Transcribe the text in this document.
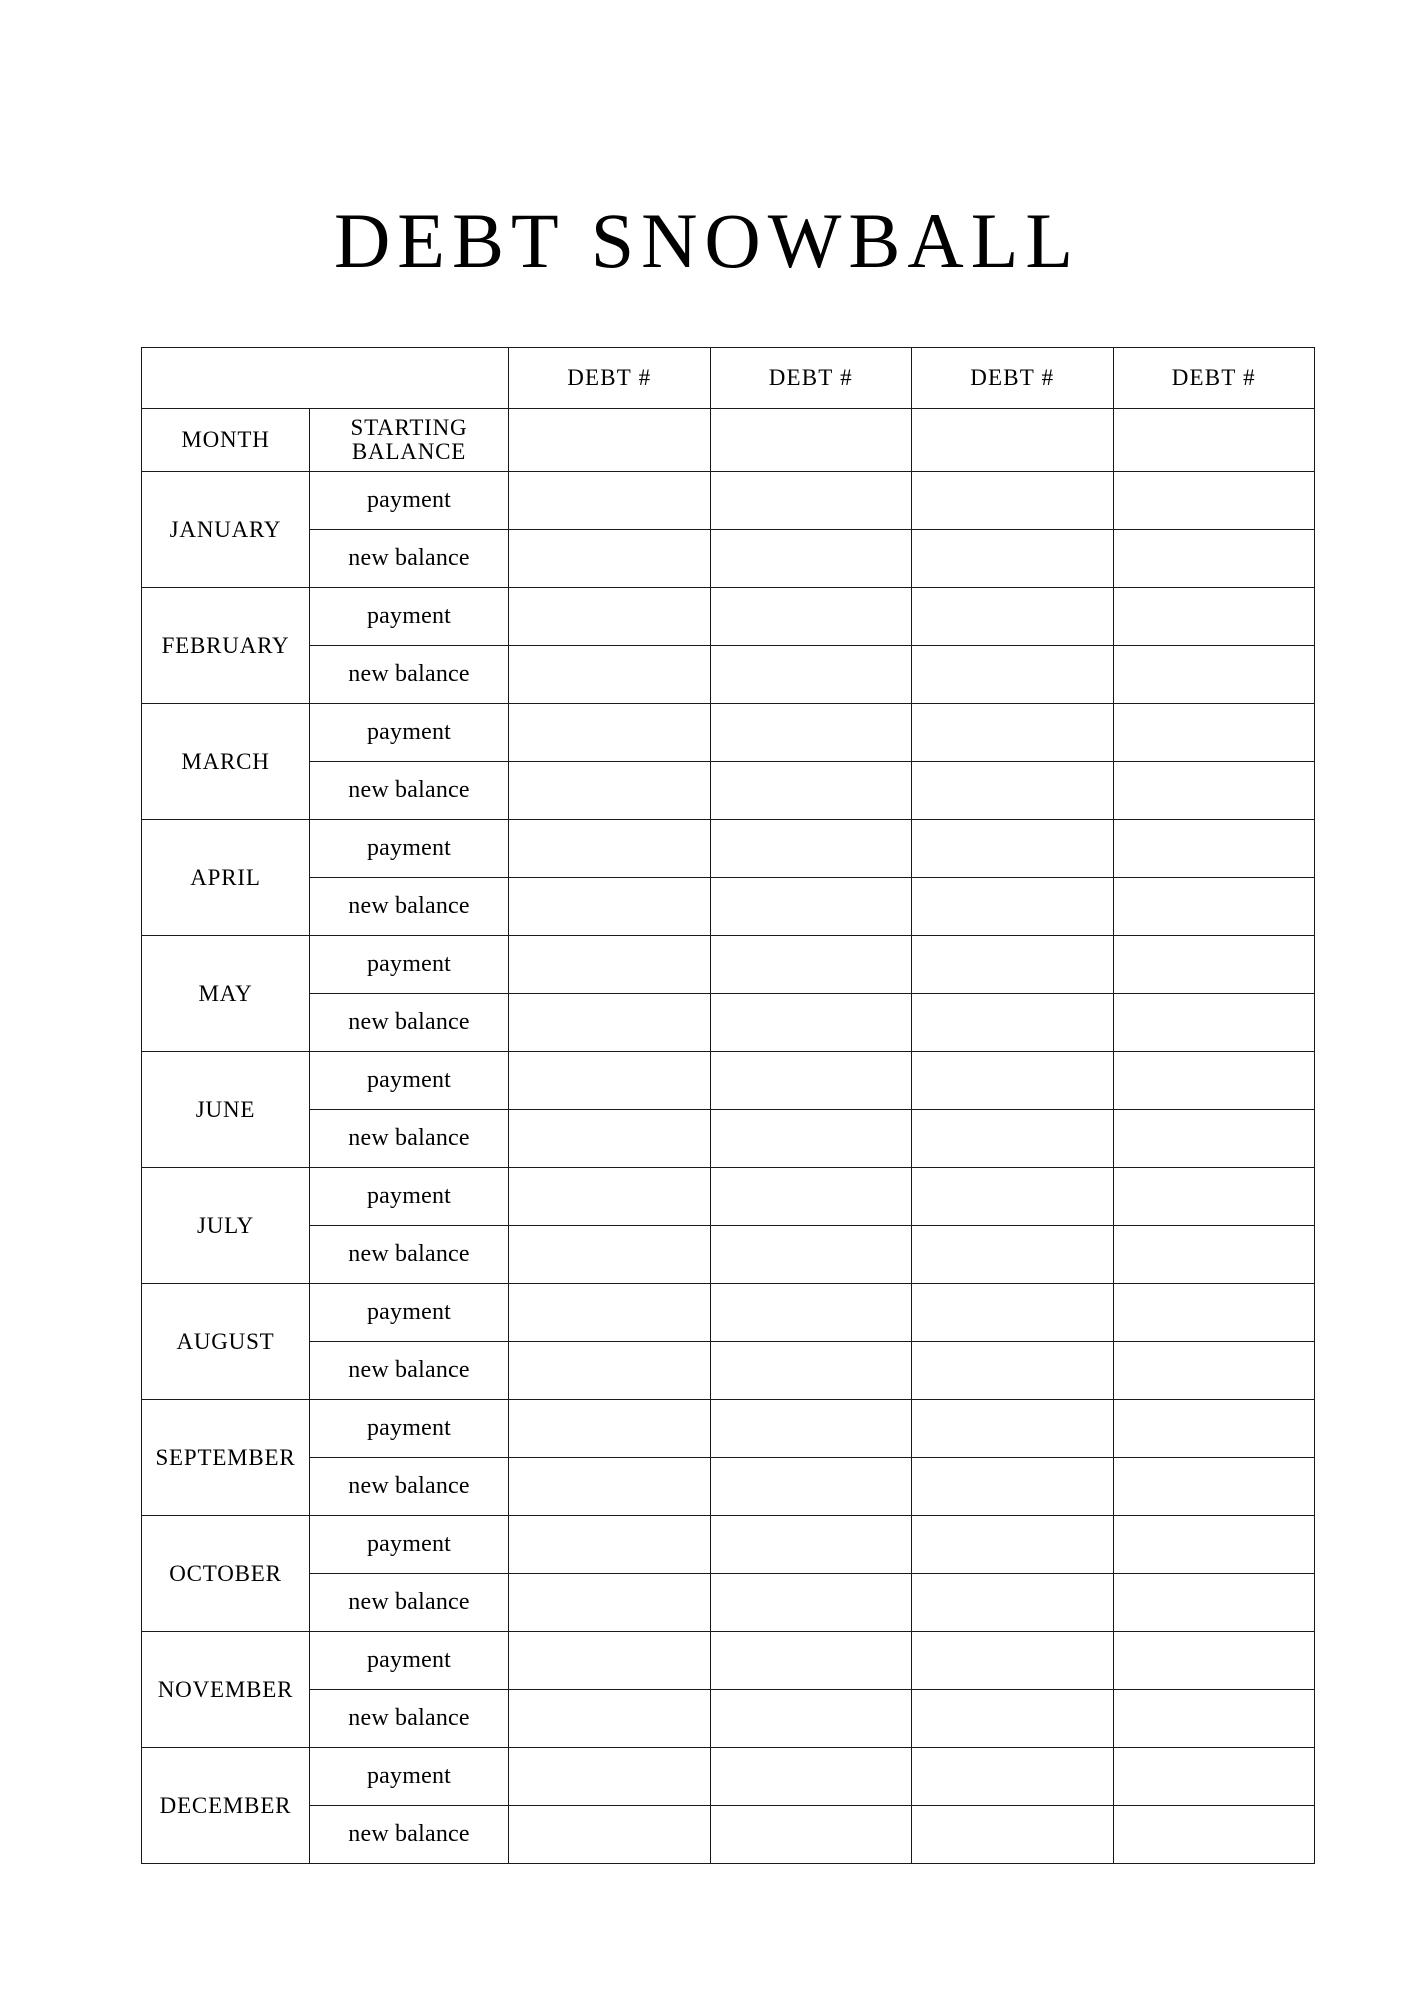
DEBT SNOWBALL
		DEBT #	DEBT #	DEBT #	DEBT #
MONTH	STARTING
BALANCE				

JANUARY	payment				
	new balance				
FEBRUARY	payment				
	new balance				
MARCH	payment				
	new balance				
APRIL	payment				
	new balance				
MAY	payment				
	new balance				
JUNE	payment				
	new balance				
JULY	payment				
	new balance				
AUGUST	payment				
	new balance				
SEPTEMBER	payment				
	new balance				
OCTOBER	payment				
	new balance				
NOVEMBER	payment				
	new balance				
DECEMBER	payment				
	new balance				
